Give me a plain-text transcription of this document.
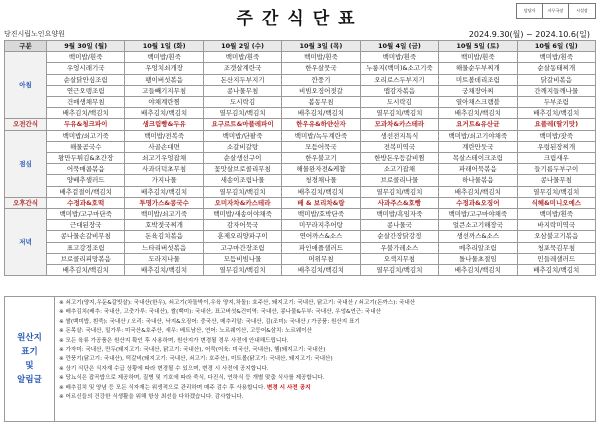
주간식단표	담당자	사무국장	시설장
당진시립노인요양원	2024.9.30(월) ~ 2024.10.6(일)
구분	9월 30일 (월)	10월 1일 (화)	10월 2일 (수)	10월 3일 (목)	10월 4일 (금)	10월 5일 (토)	10월 6일 (일)
아침	백미밥/흰죽	백미밥/흰죽	백미밥/흰죽	백미밥/흰죽	백미밥/흰죽	백미밥/흰죽	백미밥/흰죽
	우엉시래기국	우엉치쇠개장	조갯살계란국	한우살뭇국	누룽지(백미)&소고기죽	해물순두부찌개	순살동태찌개
	순살닭안심조림	팽이버섯볶음	돈산지두부지기	깐풍기	오리로스두부지기	미트볼데리조림	닭갈비볶음
	연근오뎅조림	고들빼기지무침	콩나물무침	비빔오징어젓갈	맵감자볶음	궁채장아찌	간깨지들깨나물
	건매생채무침	야채계란찜	도시락김	봄동무침	도시락김	열아채스크램블	두부조림
	배추김치/백김치	배추김치/백김치	열무김치/백김치	배추김치/백김치	열무김치/백김치	배추김치/백김치	배추김치/백김치
오전간식	두유&청크파이	생크림빵&두유	요구르트&마플레파이	한우유&하얀산자	모과차&카스테라	요거트&유산균	요플레(딸기맛)
점심	백미밥/쇠고기죽	백미밥/전복죽	백미밥/단팥죽	백미밥/녹두계란죽	생선전지특식	백미밥/쇠고기야채죽	백미밥/잣죽
	해물곰국수	사골손대면	소갈비갈탕	모듬어묵국	전복미역국	계란만둣국	우렁된장찌개
	왕만두튀김&초간장	쇠고기우엉잡채	순살생선구이	한우불고기	한방돈우등갈비찜	목살스테이크조림	크림새우
	어묵매콤볶음	사과더덕초무침	꽃맛살브로콜리무침	해물완자전&케찹	소고기잡채	파래어묵볶음	들기름두부구이
	양배추샐러드	가지나물	새송이조림나물	청경채나물	브로콜리나물	하나물볶음	콩나물무침
	배추겉절이/백김치	배추김치/백김치	열무김치/백김치	배추김치/백김치	열무김치/백김치	배추김치/백김치	열무김치/백김치
오후간식	수정과&호떡	투명가스&콩국수	오미자차&카스테라	배 & 보리차&랑	사과주스&호빵	수정과&오징어	식혜&미니오예스
저녁	백미밥/고구마단죽	백미밥/쇠고기죽	백미밥/새송이야채죽	백미밥/호박단죽	백미밥/흑임자죽	백미밥/고구마야채죽	백미밥/흰죽
	근대된장국	호박젓국찌개	감자어묵국	미꾸라지추어탕	콩나물국	얼큰소고기해장국	바지락미역국
	콩나물손갈비무침	돈육김치볶음	훈제오리양파구이	연어까스&소스	순살간장닭강정	생선까스&소스	오삼불고기볶음
	표고강정조림	느타리버섯볶음	고구마간장조림	파인애플샐러드	우불가레소스	메추리알조림	청포묵김무침
	브로콜리피망볶음	도라지나물	모듬비빔나물	머위무침	오색지무침	돌나물초절임	민들레샐러드
	배추김치/백김치	배추김치/백김치	열무김치/백김치	배추김치/백김치	열무김치/백김치	배추김치/백김치	배추김치/백김치
원산지
표기
및
알림글
※ 쇠고기(양지,우둔&갈빗살): 국내산(한우), 쇠고기(차돌박이,우육 양지,차돌): 호주산, 돼지고기: 국내산, 닭고기: 국내산 / 쇠고기(돈까스): 국내산
※ 배추김치(배추: 국내산, 고춧가루: 국내산), 쌀(백미): 국내산, 표고버섯&건미역: 국내산, 콩나물&두부: 국내산, 우엉&연근: 국내산
※ 쌀(백미밥, 흰죽): 국내산 / 오리: 국내산, 낙지&오징어: 중국산, 메추리알: 국내산, 김(조미): 국내산 / 가공품: 원산지 표기
※ 돈목살: 국내산, 밀가루: 미국산&호주산, 새우: 베트남산, 연어: 노르웨이산, 고등어&삼치: 노르웨이산
※ 모든 육류 가공품은 원산지 확인 후 사용하며, 원산지가 변경될 경우 사전에 안내해드립니다.
※ 가자미: 국내산, 만두(돼지고기: 국내산, 닭고기: 국내산), 어묵(어육: 미국산, 국내산), 햄(돼지고기: 국내산)
※ 깐풍기(닭고기: 국내산), 떡갈비(돼지고기: 국내산, 쇠고기: 호주산), 미트볼(닭고기: 국내산, 돼지고기: 국내산)
※ 상기 식단은 식자재 수급 상황에 따라 변경될 수 있으며, 변경 시 사전에 공지합니다.
※ 당뇨식은 잡곡밥으로 제공하며, 질병 및 기호에 따라 죽식, 다진식, 연하식 등 개별 맞춤 식사를 제공합니다.
※ 배추김치 및 양념 등 모든 식자재는 위생적으로 관리하며 매주 검수 후 사용합니다. 변경 시 사전 공지
※ 어르신들의 건강한 식생활을 위해 항상 최선을 다하겠습니다. 감사합니다.
